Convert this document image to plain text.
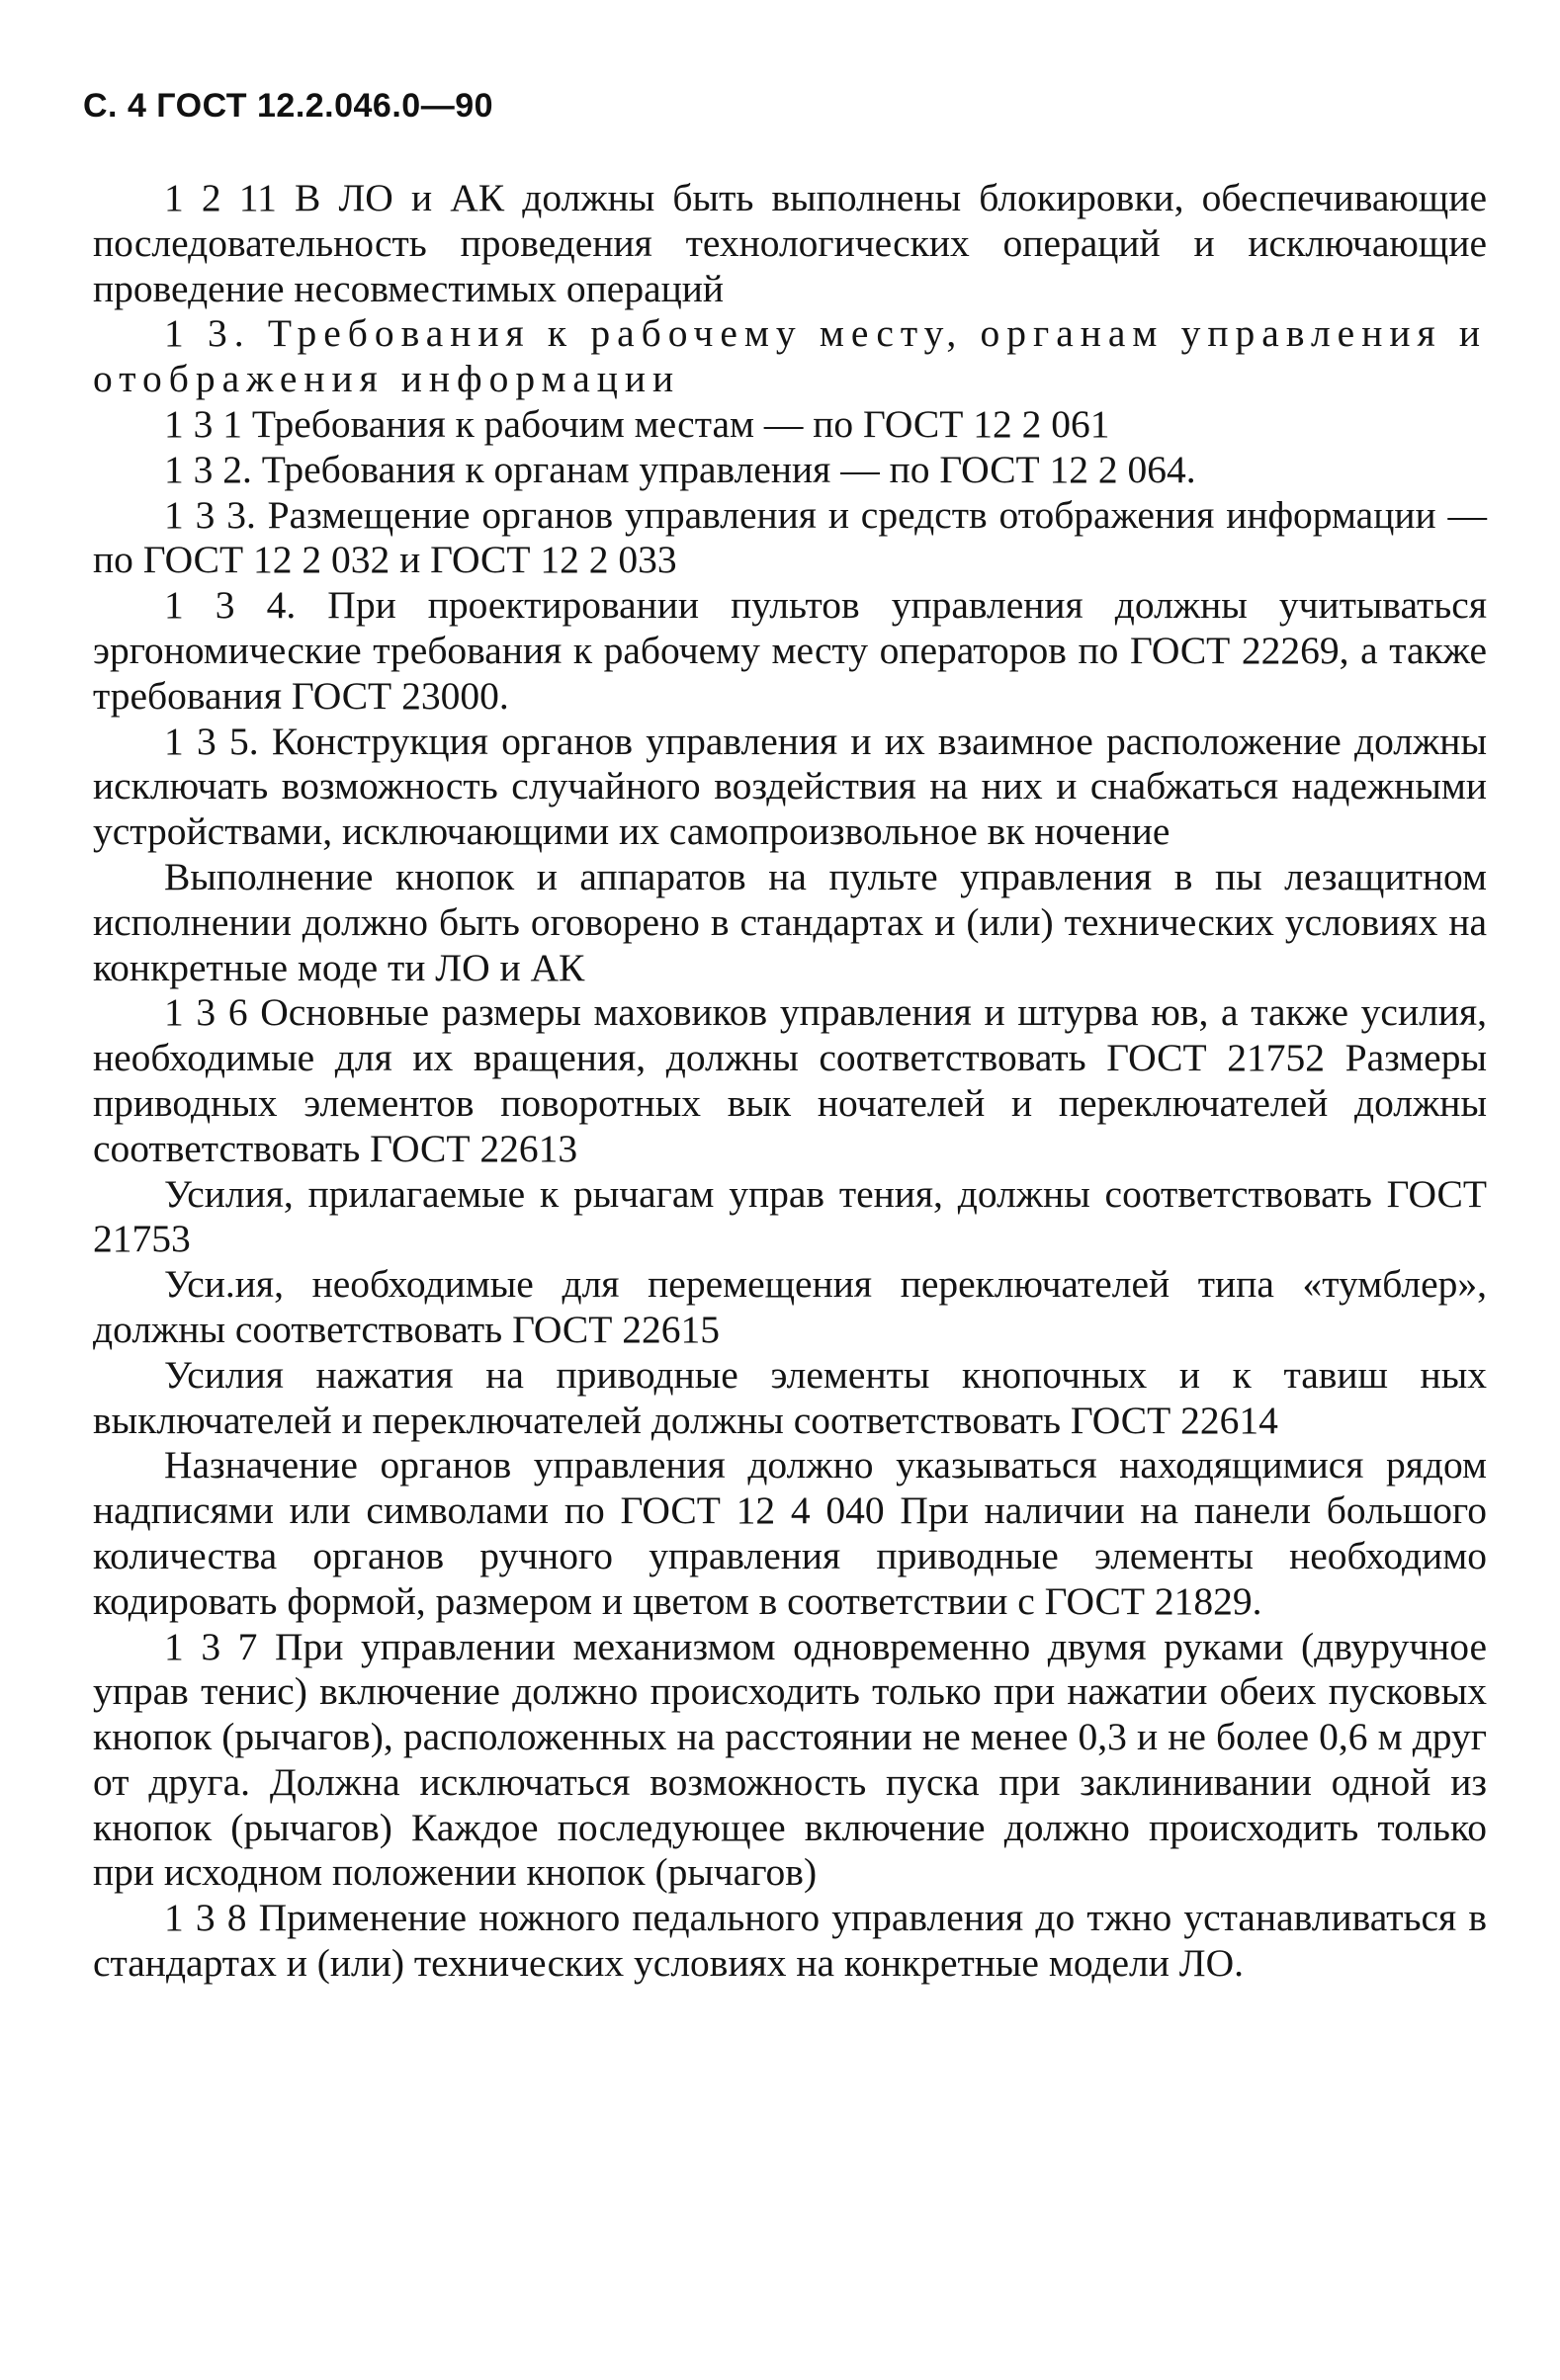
С. 4 ГОСТ 12.2.046.0—90

1 2 11 В ЛО и АК должны быть выполнены блокировки, обеспечивающие последовательность проведения технологических операций и исключающие проведение несовместимых операций

1 3. Требования к рабочему месту, органам управления и отображения информации

1 3 1 Требования к рабочим местам — по ГОСТ 12 2 061

1 3 2. Требования к органам управления — по ГОСТ 12 2 064.

1 3 3. Размещение органов управления и средств отображения информации — по ГОСТ 12 2 032 и ГОСТ 12 2 033

1 3 4. При проектировании пультов управления должны учитываться эргономические требования к рабочему месту операторов по ГОСТ 22269, а также требования ГОСТ 23000.

1 3 5. Конструкция органов управления и их взаимное расположение должны исключать возможность случайного воздействия на них и снабжаться надежными устройствами, исключающими их самопроизвольное вк ночение

Выполнение кнопок и аппаратов на пульте управления в пы лезащитном исполнении должно быть оговорено в стандартах и (или) технических условиях на конкретные моде ти ЛО и АК

1 3 6 Основные размеры маховиков управления и штурва юв, а также усилия, необходимые для их вращения, должны соответствовать ГОСТ 21752 Размеры приводных элементов поворотных вык ночателей и переключателей должны соответствовать ГОСТ 22613

Усилия, прилагаемые к рычагам управ тения, должны соответствовать ГОСТ 21753

Уси.ия, необходимые для перемещения переключателей типа «тумблер», должны соответствовать ГОСТ 22615

Усилия нажатия на приводные элементы кнопочных и к тавиш ных выключателей и переключателей должны соответствовать ГОСТ 22614

Назначение органов управления должно указываться находящимися рядом надписями или символами по ГОСТ 12 4 040 При наличии на панели большого количества органов ручного управления приводные элементы необходимо кодировать формой, размером и цветом в соответствии с ГОСТ 21829.

1 3 7 При управлении механизмом одновременно двумя руками (двуручное управ тенис) включение должно происходить только при нажатии обеих пусковых кнопок (рычагов), расположенных на расстоянии не менее 0,3 и не более 0,6 м друг от друга. Должна исключаться возможность пуска при заклинивании одной из кнопок (рычагов) Каждое последующее включение должно происходить только при исходном положении кнопок (рычагов)

1 3 8 Применение ножного педального управления до тжно устанавливаться в стандартах и (или) технических условиях на конкретные модели ЛО.
